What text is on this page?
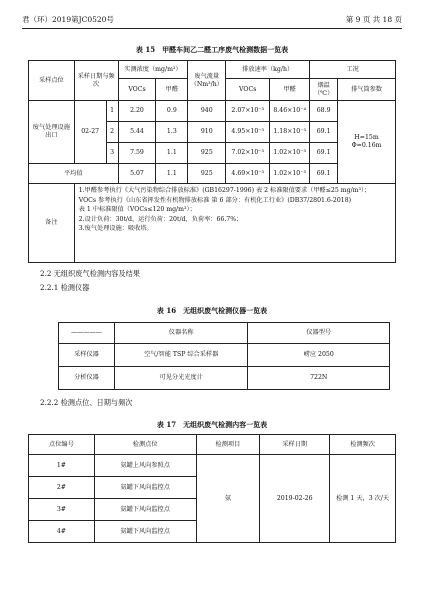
君（环）2019第JC0520号	第 9 页 共 18 页
表 15　甲醛车间乙二醛工序废气检测数据一览表
采样点位	采样日期与频次		实测浓度（mg/m³）		废气流量（Nm³/h）	排放速率（kg/h）		工况	
			VOCs	甲醛		VOCs	甲醛	烟温（℃）	排气筒参数
废气处理设施出口	02-27	1	2.20	0.9	940	2.07×10⁻³	8.46×10⁻⁴	68.9	H=15m
Φ=0.16m

		2	5.44	1.3	910	4.95×10⁻³	1.18×10⁻³	69.1	
		3	7.59	1.1	925	7.02×10⁻³	1.02×10⁻³	69.1	
平均值			5.07	1.1	925	4.69×10⁻³	1.02×10⁻³	69.1	
备注	1.甲醛参考执行《大气污染物综合排放标准》(GB16297-1996) 表 2 标准限值要求（甲醛≤25 mg/m³）；
VOCs 参考执行《山东省挥发性有机物排放标准 第 6 部分：有机化工行业》(DB37/2801.6-2018)
表 1 中标准限值（VOCs≤120 mg/m³）；
2.设计负荷：30t/d，运行负荷：20t/d，负荷率：66.7%；
3.废气处理设施：吸收塔。								
2.2 无组织废气检测内容及结果
2.2.1 检测仪器
表 16　无组织废气检测仪器一览表
—————	仪器名称	仪器型号
采样仪器	空气/智能 TSP 综合采样器	崂应 2050
分析仪器	可见分光光度计	722N
2.2.2 检测点位、日期与频次
表 17　无组织废气检测内容一览表
点位编号	检测点位	检测项目	采样日期	检测频次
1#	氨罐上风向参照点	氨	2019-02-26	检测 1 天，3 次/天
2#	氨罐下风向监控点			
3#	氨罐下风向监控点			
4#	氨罐下风向监控点			
